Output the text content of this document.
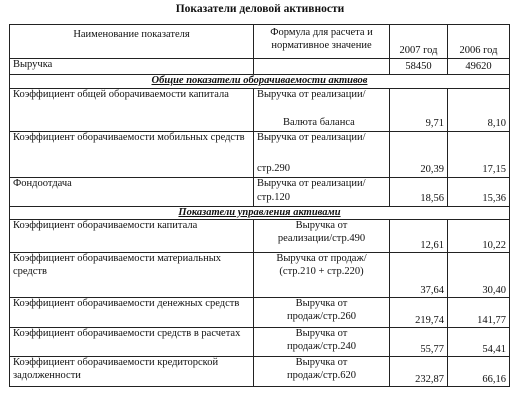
Показатели деловой активности
Наименование показателя	Формула для расчета и
нормативное значение	2007 год	2006 год
Выручка		58450	49620
Общие показатели оборачиваемости активов			
Коэффициент общей оборачиваемости капитала	Выручка от реализации/
Валюта баланса	9,71	8,10
Коэффициент оборачиваемости мобильных средств	Выручка от реализации/
стр.290	20,39	17,15
Фондоотдача	Выручка от реализации/
стр.120	18,56	15,36
Показатели управления активами			
Коэффициент оборачиваемости капитала	Выручка от
реализации/стр.490	12,61	10,22
Коэффициент оборачиваемости материальных средств	Выручка от продаж/
(стр.210 + стр.220)	37,64	30,40
Коэффициент оборачиваемости денежных средств	Выручка от
продаж/стр.260	219,74	141,77
Коэффициент оборачиваемости средств в расчетах	Выручка от
продаж/стр.240	55,77	54,41
Коэффициент оборачиваемости кредиторской задолженности	Выручка от
продаж/стр.620	232,87	66,16
